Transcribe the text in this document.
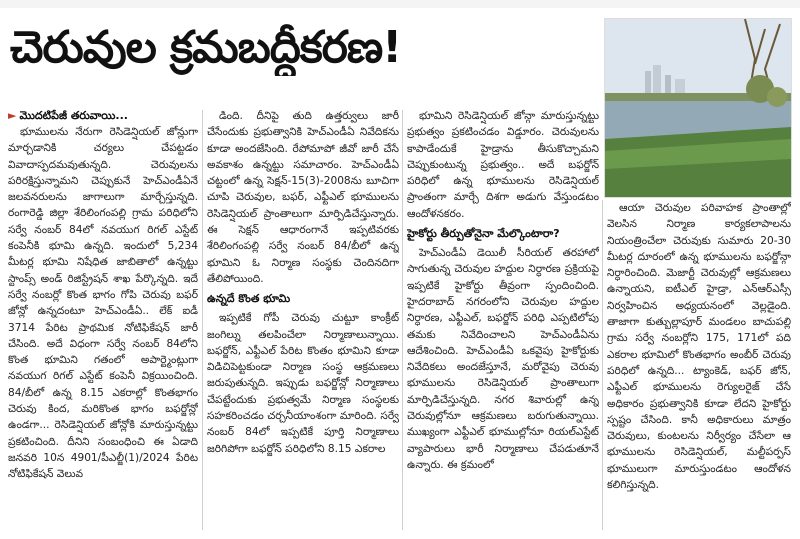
చెరువుల క్రమబద్ధీకరణ!
► మొదటిపేజీ తరువాయి...

భూములను నేరుగా రెసిడెన్షియల్ జోన్లుగా మార్చడానికి చర్యలు చేపట్టడం వివాదాస్పదమవుతున్నది. చెరువులను పరిరక్షిస్తున్నామని చెప్పుకునే హెచ్ఎండీఏనే జలవనరులను జాగాలుగా మార్చేస్తున్నది. రంగారెడ్డి జిల్లా శేరిలింగంపల్లి గ్రామ పరిధిలోని సర్వే నంబర్ 84లో నవయుగ రిగల్ ఎస్టేట్ కంపెనీకి భూమి ఉన్నది. ఇందులో 5,234 మీటర్ల భూమి నిషేధిత జాబితాలో ఉన్నట్టు స్టాంప్స్ అండ్ రిజిస్ట్రేషన్ శాఖ పేర్కొన్నది. ఇదే సర్వే నంబర్లో కొంత భాగం గోపి చెరువు బఫర్ జోన్లో ఉన్నదంటూ హెచ్ఎండీఏ.. లేక్ ఐడీ 3714 పేరిట ప్రాథమిక నోటిఫికేషన్ జారీ చేసింది. అదే విధంగా సర్వే నంబర్ 84లోని కొంత భూమిని గతంలో అపార్ట్మెంట్లుగా నవయుగ రిగల్ ఎస్టేట్ కంపెనీ విక్రయించింది. 84/బీలో ఉన్న 8.15 ఎకరాల్లో కొంతభాగం చెరువు కింద, మరికొంత భాగం బఫర్జోన్లో ఉండగా... రెసిడెన్షియల్ జోన్లోకి మారుస్తున్నట్టు ప్రకటించింది. దీనిని సంబంధించి ఈ ఏడాది జనవరి 10న 4901/పీఎల్జీ(1)/2024 పేరిట నోటిఫికేషన్ వెలువ

డింది. దీనిపై తుది ఉత్తర్వులు జారీ చేసేందుకు ప్రభుత్వానికి హెచ్ఎండీఏ నివేదికను కూడా అందజేసింది. రేపోమాపో జీవో జారీ చేసే అవకాశం ఉన్నట్టు సమాచారం. హెచ్ఎండీఏ చట్టంలో ఉన్న సెక్షన్-15(3)-2008ను బూచిగా చూపి చెరువుల, బఫర్, ఎఫ్టీఎల్ భూములను రెసిడెన్షియల్ ప్రాంతాలుగా మార్పిడిచేస్తున్నారు. ఈ సెక్షన్ ఆధారంగానే ఇప్పటివరకు శేరిలింగంపల్లి సర్వే నంబర్ 84/బీలో ఉన్న భూమిని ఓ నిర్మాణ సంస్థకు చెందినదిగా తేలిపోయింది.

ఉన్నదే కొంత భూమి

ఇప్పటికే గోపీ చెరువు చుట్టూ కాంక్రీట్ జంగిల్ను తలపించేలా నిర్మాణాలున్నాయి. బఫర్జోన్, ఎఫ్టీఎల్ పేరిట కొంతం భూమిని కూడా విడిచిపెట్టకుండా నిర్మాణ సంస్థ ఆక్రమణలు జరుపుతున్నది. ఇప్పుడు బఫర్జోన్లో నిర్మాణాలు చేపట్టేందుకు ప్రభుత్వమే నిర్మాణ సంస్థలకు సహకరించడం చర్చనీయాంశంగా మారింది. సర్వే నంబర్ 84లో ఇప్పటికే పూర్తి నిర్మాణాలు జరిగిపోగా బఫర్జోన్ పరిధిలోని 8.15 ఎకరాల

భూమిని రెసిడెన్షియల్ జోన్గా మారుస్తున్నట్టు ప్రభుత్వం ప్రకటించడం విడ్డూరం. చెరువులను కాపాడేందుకే హైడ్రాను తీసుకొచ్చామని చెప్పుకుంటున్న ప్రభుత్వం.. అదే బఫర్జోన్ పరిధిలో ఉన్న భూములను రెసిడెన్షియల్ ప్రాంతంగా మార్చే దిశగా అడుగు వేస్తుండటం ఆందోళనకరం.

హైకోర్టు తీర్పుతోనైనా మేల్కొంటారా?

హెచ్ఎండీఏ డెయిలీ సీరియల్ తరహాలో సాగుతున్న చెరువుల హద్దుల నిర్ధారణ ప్రక్రియపై ఇప్పటికే హైకోర్టు తీవ్రంగా స్పందించింది. హైదరాబాద్ నగరంలోని చెరువుల హద్దుల నిర్ధారణ, ఎఫ్టీఎల్, బఫర్జోన్ పరిధి ఎప్పటిలోపు తమకు నివేదించాలని హెచ్ఎండీఏను ఆదేశించింది. హెచ్ఎండీఏ ఒకవైపు హైకోర్టుకు నివేదికలు అందజేస్తూనే, మరోవైపు చెరువు భూములను రెసిడెన్షియల్ ప్రాంతాలుగా మార్పిడిచేస్తున్నది. నగర శివారుల్లో ఉన్న చెరువుల్లోనూ ఆక్రమణలు బరుగుతున్నాయి. ముఖ్యంగా ఎఫ్టీఎల్ భూముల్లోనూ రియల్ఎస్టేట్ వ్యాపారులు భారీ నిర్మాణాలు చేపడుతూనే ఉన్నారు. ఈ క్రమంలో

ఆయా చెరువుల పరివాహక ప్రాంతాల్లో వెలసిన నిర్మాణ కార్యకలాపాలను నియంత్రించేలా చెరువుకు సుమారు 20-30 మీటర్ల దూరంలో ఉన్న భూములను బఫర్జోన్గా నిర్ధారించింది. మెజార్టీ చెరువుల్లో ఆక్రమణలు ఉన్నాయని, ఐటీఎల్ హైడ్రా, ఎన్ఆర్ఎస్సీ నిర్వహించిన అధ్యయనంలో వెల్లడైంది. తాజాగా కుత్బుల్లాపూర్ మండలం బాచుపల్లి గ్రామ సర్వే నంబర్లోని 175, 171లో పది ఎకరాల భూమిలో కొంతభాగం అంబీర్ చెరువు పరిధిలో ఉన్నది... ట్యాంకెడ్, బఫర్ జోన్, ఎఫ్టీఎల్ భూములను రెగ్యులరైజ్ చేసే అధికారం ప్రభుత్వానికి కూడా లేదని హైకోర్టు స్పష్టం చేసింది. కానీ అధికారులు మాత్రం చెరువులు, కుంటలను నిర్వీర్యం చేసేలా ఆ భూములను రెసిడెన్షియల్, మల్టీపర్పస్ భూములుగా మారుస్తుండటం ఆందోళన కలిగిస్తున్నది.
